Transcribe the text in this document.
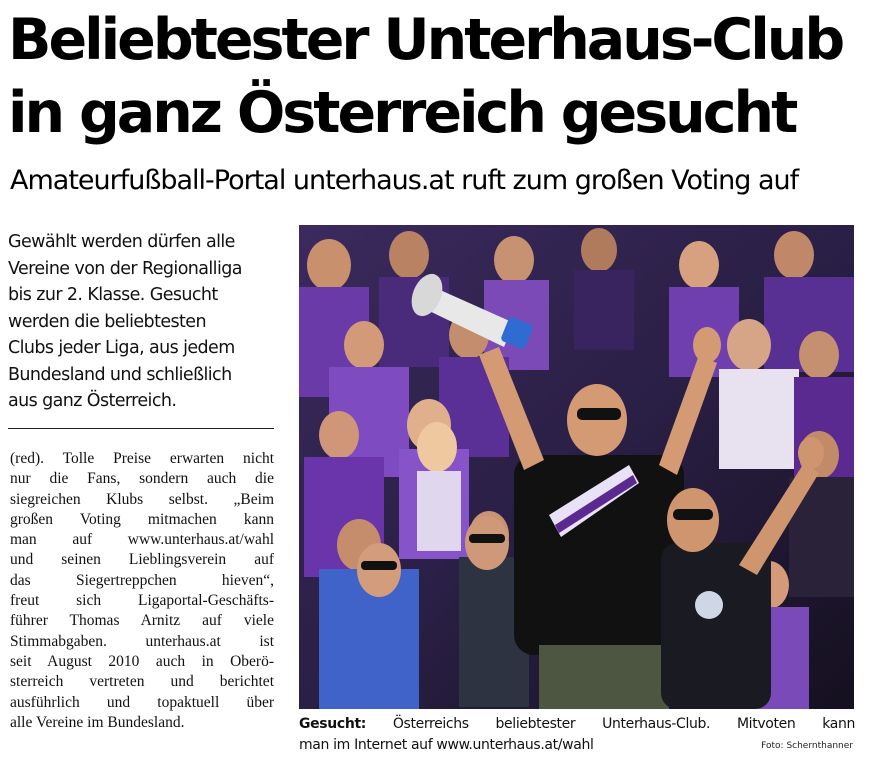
Beliebtester Unterhaus-Club
in ganz Österreich gesucht
Amateurfußball-Portal unterhaus.at ruft zum großen Voting auf
Gewählt werden dürfen alle
Vereine von der Regionalliga
bis zur 2. Klasse. Gesucht
werden die beliebtesten
Clubs jeder Liga, aus jedem
Bundesland und schließlich
aus ganz Österreich.
(red). Tolle Preise erwarten nicht
nur die Fans, sondern auch die
siegreichen Klubs selbst. „Beim
großen Voting mitmachen kann
man auf www.unterhaus.at/wahl
und seinen Lieblingsverein auf
das Siegertreppchen hieven“,
freut sich Ligaportal-Geschäfts-
führer Thomas Arnitz auf viele
Stimmabgaben. unterhaus.at ist
seit August 2010 auch in Oberö-
sterreich vertreten und berichtet
ausführlich und topaktuell über
alle Vereine im Bundesland.	Gesucht: Österreichs beliebtester Unterhaus-Club. Mitvoten kann
man im Internet auf www.unterhaus.at/wahl	Foto: Schernthanner
